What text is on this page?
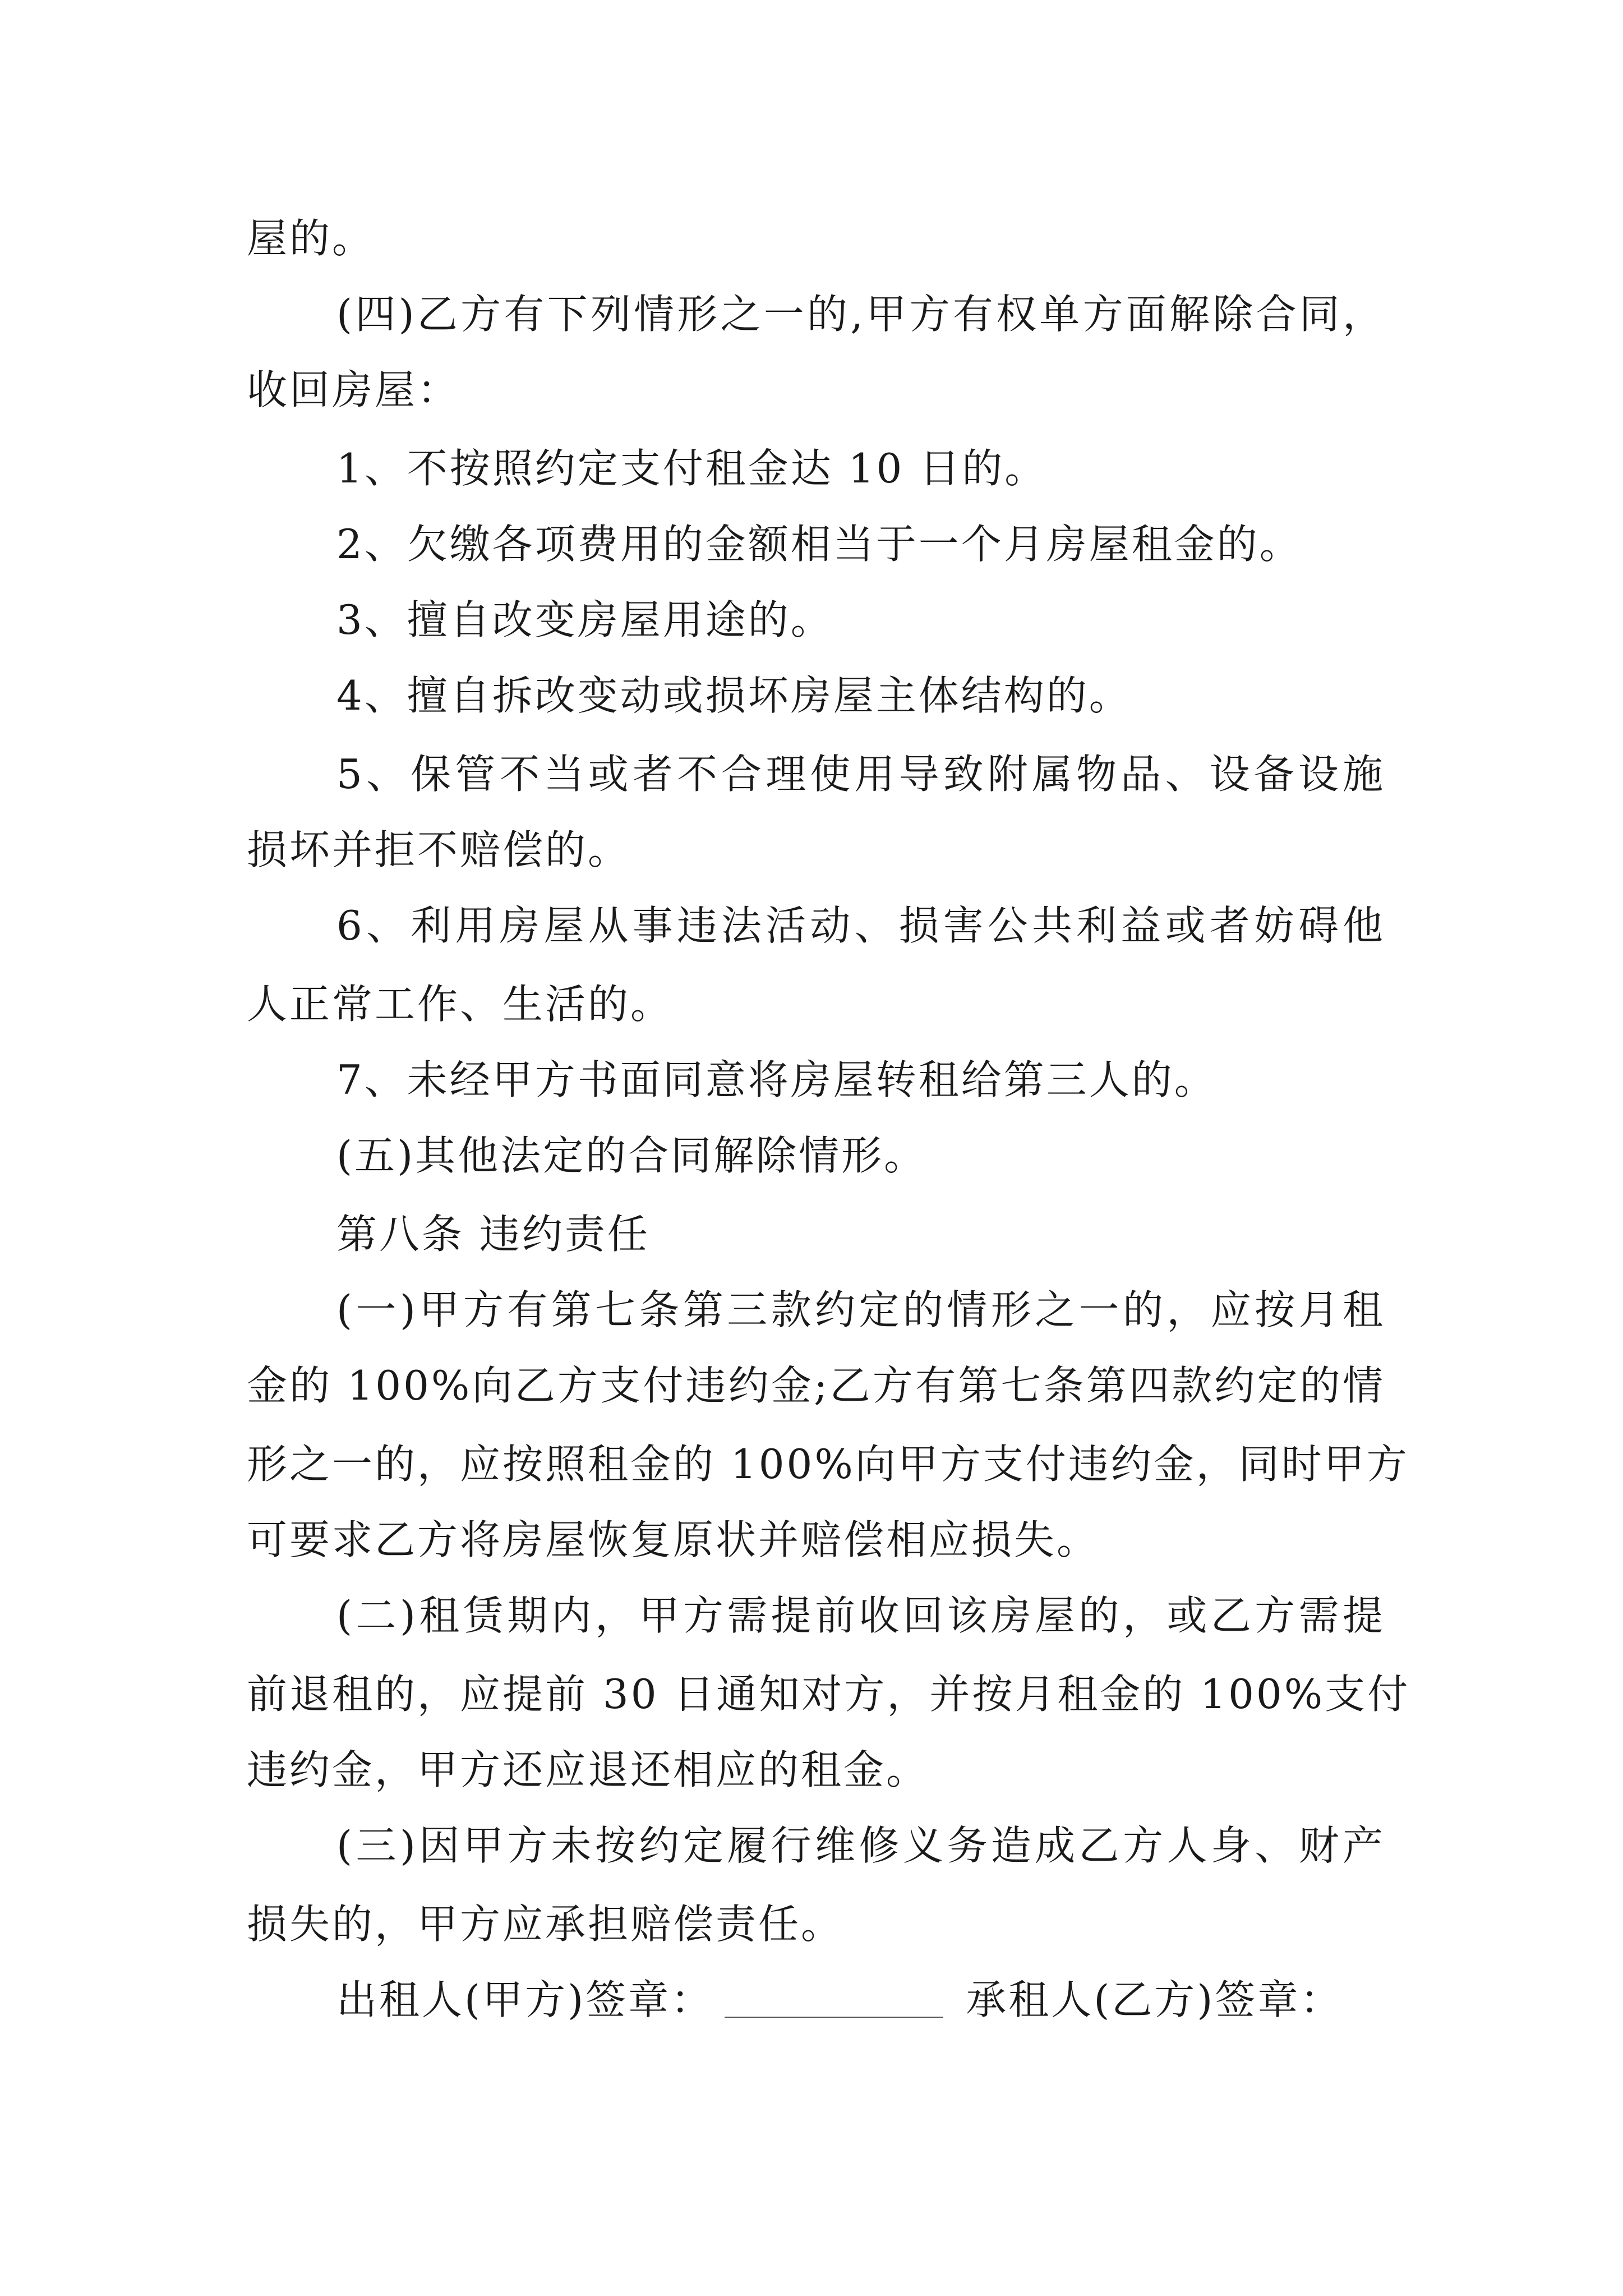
屋的。
(四)乙方有下列情形之一的,甲方有权单方面解除合同，
收回房屋：
1、不按照约定支付租金达 10 日的。
2、欠缴各项费用的金额相当于一个月房屋租金的。
3、擅自改变房屋用途的。
4、擅自拆改变动或损坏房屋主体结构的。
5、保管不当或者不合理使用导致附属物品、设备设施
损坏并拒不赔偿的。
6、利用房屋从事违法活动、损害公共利益或者妨碍他
人正常工作、生活的。
7、未经甲方书面同意将房屋转租给第三人的。
(五)其他法定的合同解除情形。
第八条 违约责任
(一)甲方有第七条第三款约定的情形之一的，应按月租
金的 100%向乙方支付违约金;乙方有第七条第四款约定的情
形之一的，应按照租金的 100%向甲方支付违约金，同时甲方
可要求乙方将房屋恢复原状并赔偿相应损失。
(二)租赁期内，甲方需提前收回该房屋的，或乙方需提
前退租的，应提前 30 日通知对方，并按月租金的 100%支付
违约金，甲方还应退还相应的租金。
(三)因甲方未按约定履行维修义务造成乙方人身、财产
损失的，甲方应承担赔偿责任。
出租人(甲方)签章：	承租人(乙方)签章：
